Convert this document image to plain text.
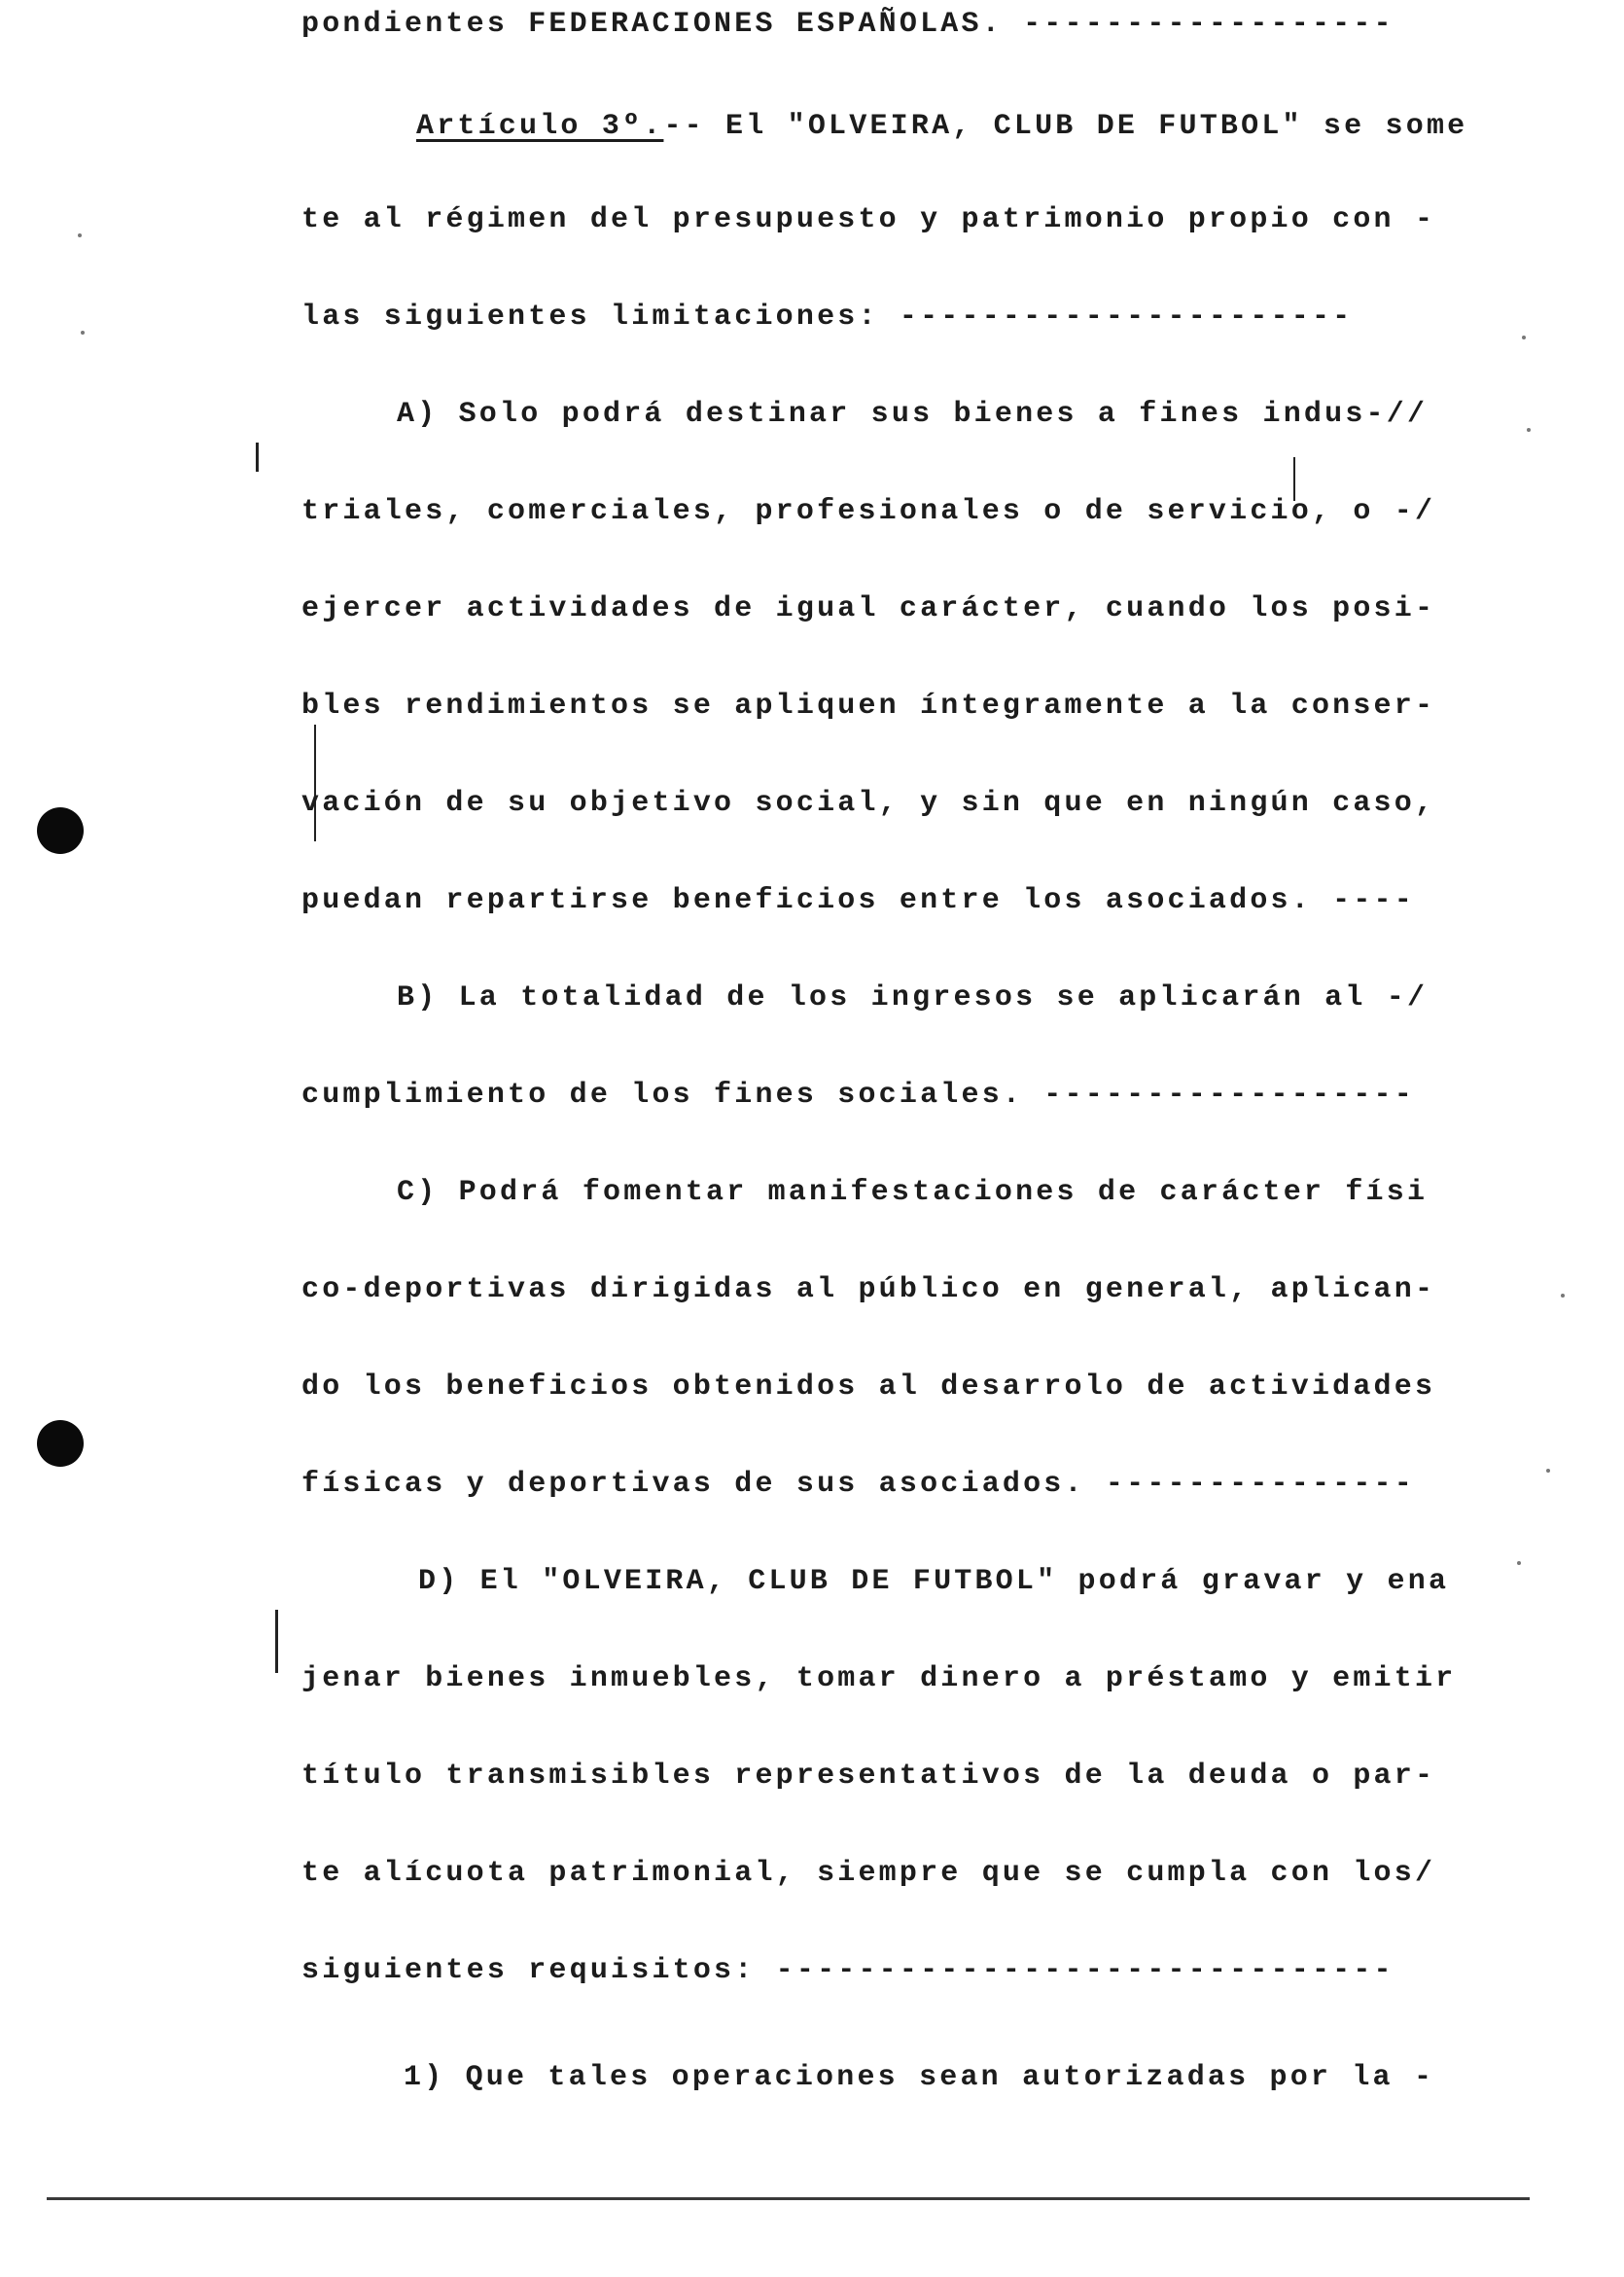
pondientes FEDERACIONES ESPAÑOLAS. ------------------
Artículo 3º.-- El "OLVEIRA, CLUB DE FUTBOL" se some
te al régimen del presupuesto y patrimonio propio con -
las siguientes limitaciones: ----------------------
A) Solo podrá destinar sus bienes a fines indus-//
triales, comerciales, profesionales o de servicio, o -/
ejercer actividades de igual carácter, cuando los posi-
bles rendimientos se apliquen íntegramente a la conser-
vación de su objetivo social, y sin que en ningún caso,
puedan repartirse beneficios entre los asociados. ----
B) La totalidad de los ingresos se aplicarán al -/
cumplimiento de los fines sociales. ------------------
C) Podrá fomentar manifestaciones de carácter físi
co-deportivas dirigidas al público en general, aplican-
do los beneficios obtenidos al desarrolo de actividades
físicas y deportivas de sus asociados. ---------------
D) El "OLVEIRA, CLUB DE FUTBOL" podrá gravar y ena
jenar bienes inmuebles, tomar dinero a préstamo y emitir
título transmisibles representativos de la deuda o par-
te alícuota patrimonial, siempre que se cumpla con los/
siguientes requisitos: ------------------------------
1) Que tales operaciones sean autorizadas por la -
